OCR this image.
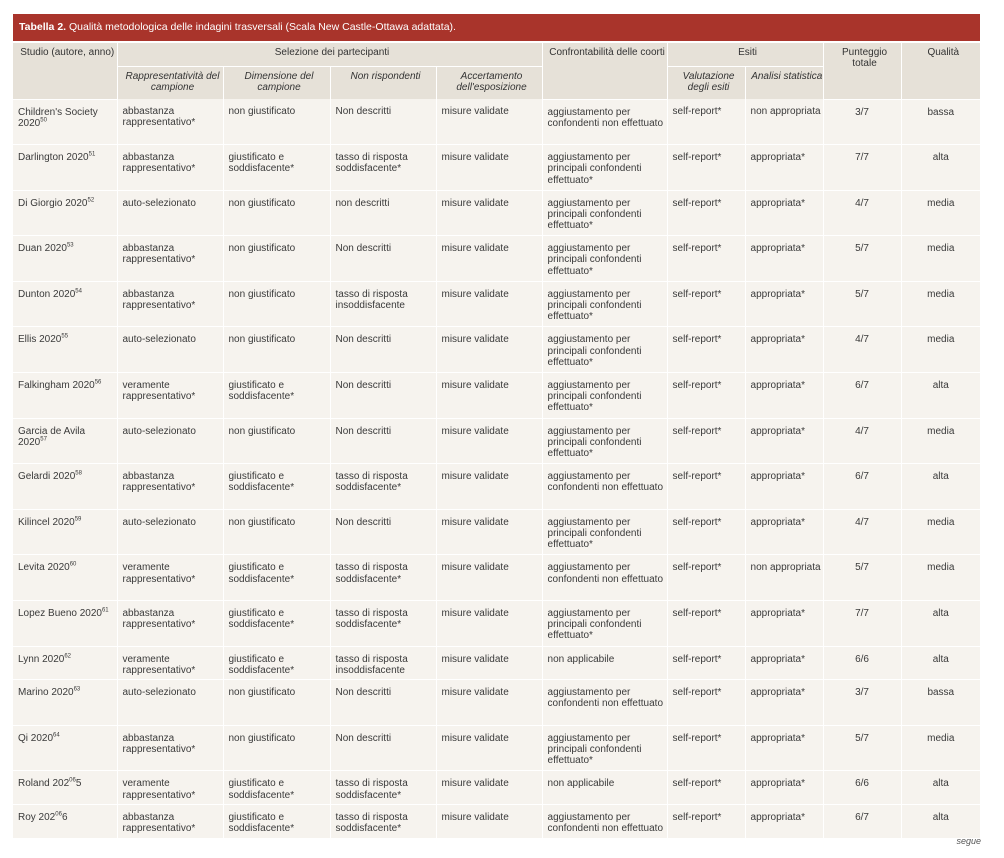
Tabella 2. Qualità metodologica delle indagini trasversali (Scala New Castle-Ottawa adattata).
Studio (autore, anno)	Selezione dei partecipanti				Confrontabilità delle coorti	Esiti		Punteggio totale	Qualità
	Rappresentatività del campione	Dimensione del campione	Non rispondenti	Accertamento dell'esposizione		Valutazione degli esiti	Analisi statistica		
Children's Society 2020$^{50}$	abbastanza rappresentativo*	non giustificato	Non descritti	misure validate	aggiustamento per confondenti non effettuato	self-report*	non appropriata	3/7	bassa
Darlington 2020$^{51}$	abbastanza rappresentativo*	giustificato e soddisfacente*	tasso di risposta soddisfacente*	misure validate	aggiustamento per principali confondenti effettuato*	self-report*	appropriata*	7/7	alta
Di Giorgio 2020$^{52}$	auto-selezionato	non giustificato	non descritti	misure validate	aggiustamento per principali confondenti effettuato*	self-report*	appropriata*	4/7	media
Duan 2020$^{53}$	abbastanza rappresentativo*	non giustificato	Non descritti	misure validate	aggiustamento per principali confondenti effettuato*	self-report*	appropriata*	5/7	media
Dunton 2020$^{54}$	abbastanza rappresentativo*	non giustificato	tasso di risposta insoddisfacente	misure validate	aggiustamento per principali confondenti effettuato*	self-report*	appropriata*	5/7	media
Ellis 2020$^{55}$	auto-selezionato	non giustificato	Non descritti	misure validate	aggiustamento per principali confondenti effettuato*	self-report*	appropriata*	4/7	media
Falkingham 2020$^{56}$	veramente rappresentativo*	giustificato e soddisfacente*	Non descritti	misure validate	aggiustamento per principali confondenti effettuato*	self-report*	appropriata*	6/7	alta
Garcia de Avila 2020$^{57}$	auto-selezionato	non giustificato	Non descritti	misure validate	aggiustamento per principali confondenti effettuato*	self-report*	appropriata*	4/7	media
Gelardi 2020$^{58}$	abbastanza rappresentativo*	giustificato e soddisfacente*	tasso di risposta soddisfacente*	misure validate	aggiustamento per confondenti non effettuato	self-report*	appropriata*	6/7	alta
Kilincel 2020$^{59}$	auto-selezionato	non giustificato	Non descritti	misure validate	aggiustamento per principali confondenti effettuato*	self-report*	appropriata*	4/7	media
Levita 2020$^{60}$	veramente rappresentativo*	giustificato e soddisfacente*	tasso di risposta soddisfacente*	misure validate	aggiustamento per confondenti non effettuato	self-report*	non appropriata	5/7	media
Lopez Bueno 2020$^{61}$	abbastanza rappresentativo*	giustificato e soddisfacente*	tasso di risposta soddisfacente*	misure validate	aggiustamento per principali confondenti effettuato*	self-report*	appropriata*	7/7	alta
Lynn 2020$^{62}$	veramente rappresentativo*	giustificato e soddisfacente*	tasso di risposta insoddisfacente	misure validate	non applicabile	self-report*	appropriata*	6/6	alta
Marino 2020$^{63}$	auto-selezionato	non giustificato	Non descritti	misure validate	aggiustamento per confondenti non effettuato	self-report*	appropriata*	3/7	bassa
Qi 2020$^{64}$	abbastanza rappresentativo*	non giustificato	Non descritti	misure validate	aggiustamento per principali confondenti effettuato*	self-report*	appropriata*	5/7	media
Roland $202^{06}5$	veramente rappresentativo*	giustificato e soddisfacente*	tasso di risposta soddisfacente*	misure validate	non applicabile	self-report*	appropriata*	6/6	alta
Roy $202^{06}6$	abbastanza rappresentativo*	giustificato e soddisfacente*	tasso di risposta soddisfacente*	misure validate	aggiustamento per confondenti non effettuato	self-report*	appropriata*	6/7	alta
segue
